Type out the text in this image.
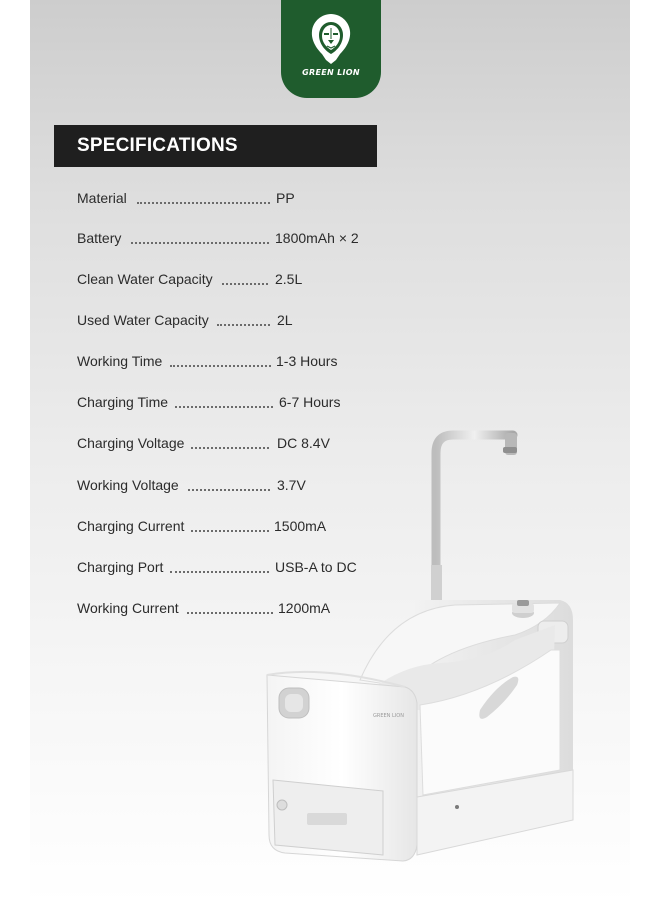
GREEN LION
SPECIFICATIONS
Material	PP
Battery	1800mAh × 2
Clean Water Capacity	2.5L
Used Water Capacity	2L
Working Time	1-3 Hours
Charging Time	6-7 Hours
Charging Voltage	DC 8.4V
Working Voltage	3.7V
Charging Current	1500mA
Charging Port	USB-A to DC
Working Current	1200mA
GREEN LION
